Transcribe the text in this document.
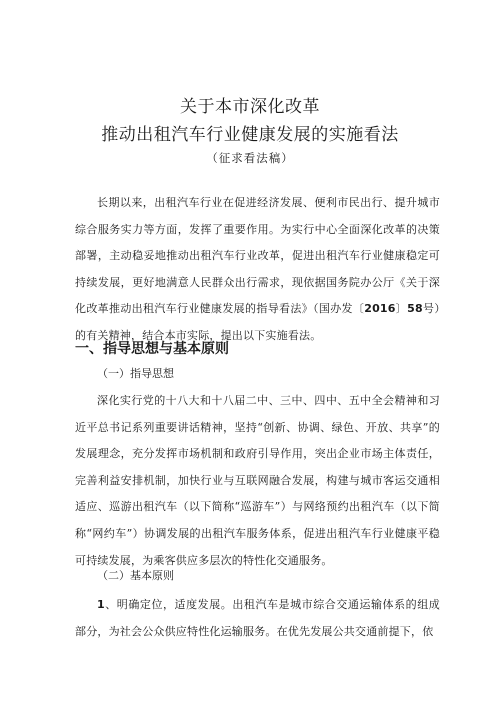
关于本市深化改革
推动出租汽车行业健康发展的实施看法
（征求看法稿）

长期以来，出租汽车行业在促进经济发展、便利市民出行、提升城市综合服务实力等方面，发挥了重要作用。为实行中心全面深化改革的决策部署，主动稳妥地推动出租汽车行业改革，促进出租汽车行业健康稳定可持续发展，更好地满意人民群众出行需求，现依据国务院办公厅《关于深化改革推动出租汽车行业健康发展的指导看法》（国办发〔2016〕58号）的有关精神，结合本市实际，提出以下实施看法。

一、指导思想与基本原则
（一）指导思想

深化实行党的十八大和十八届二中、三中、四中、五中全会精神和习近平总书记系列重要讲话精神，坚持“创新、协调、绿色、开放、共享”的发展理念，充分发挥市场机制和政府引导作用，突出企业市场主体责任，完善利益安排机制，加快行业与互联网融合发展，构建与城市客运交通相适应、巡游出租汽车（以下简称“巡游车”）与网络预约出租汽车（以下简称“网约车”）协调发展的出租汽车服务体系，促进出租汽车行业健康平稳可持续发展，为乘客供应多层次的特性化交通服务。

（二）基本原则

1、明确定位，适度发展。出租汽车是城市综合交通运输体系的组成部分，为社会公众供应特性化运输服务。在优先发展公共交通前提下，依
